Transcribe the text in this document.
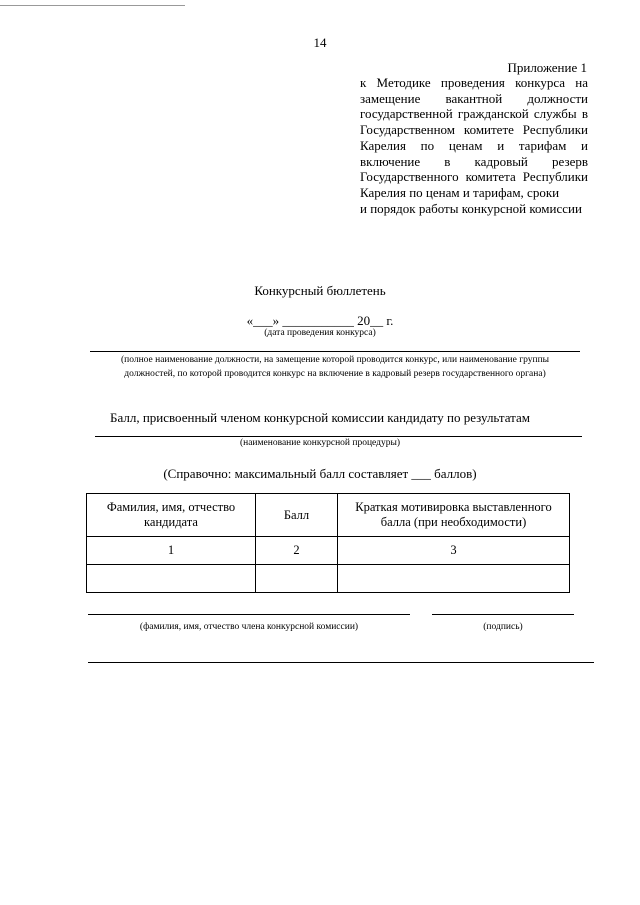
14
Приложение 1
к Методике проведения конкурса на
замещение вакантной должности
государственной гражданской службы в
Государственном комитете Республики
Карелия по ценам и тарифам и
включение в кадровый резерв
Государственного комитета Республики
Карелия по ценам и тарифам, сроки
и порядок работы конкурсной комиссии
Конкурсный бюллетень
«___» ___________ 20__ г.
(дата проведения конкурса)
(полное наименование должности, на замещение которой проводится конкурс, или наименование группы
должностей, по которой проводится конкурс на включение в кадровый резерв государственного органа)
Балл, присвоенный членом конкурсной комиссии кандидату по результатам
(наименование конкурсной процедуры)
(Справочно: максимальный балл составляет ___ баллов)
Фамилия, имя, отчество кандидата	Балл	Краткая мотивировка выставленного балла (при необходимости)
1	2	3

(фамилия, имя, отчество члена конкурсной комиссии)	(подпись)
